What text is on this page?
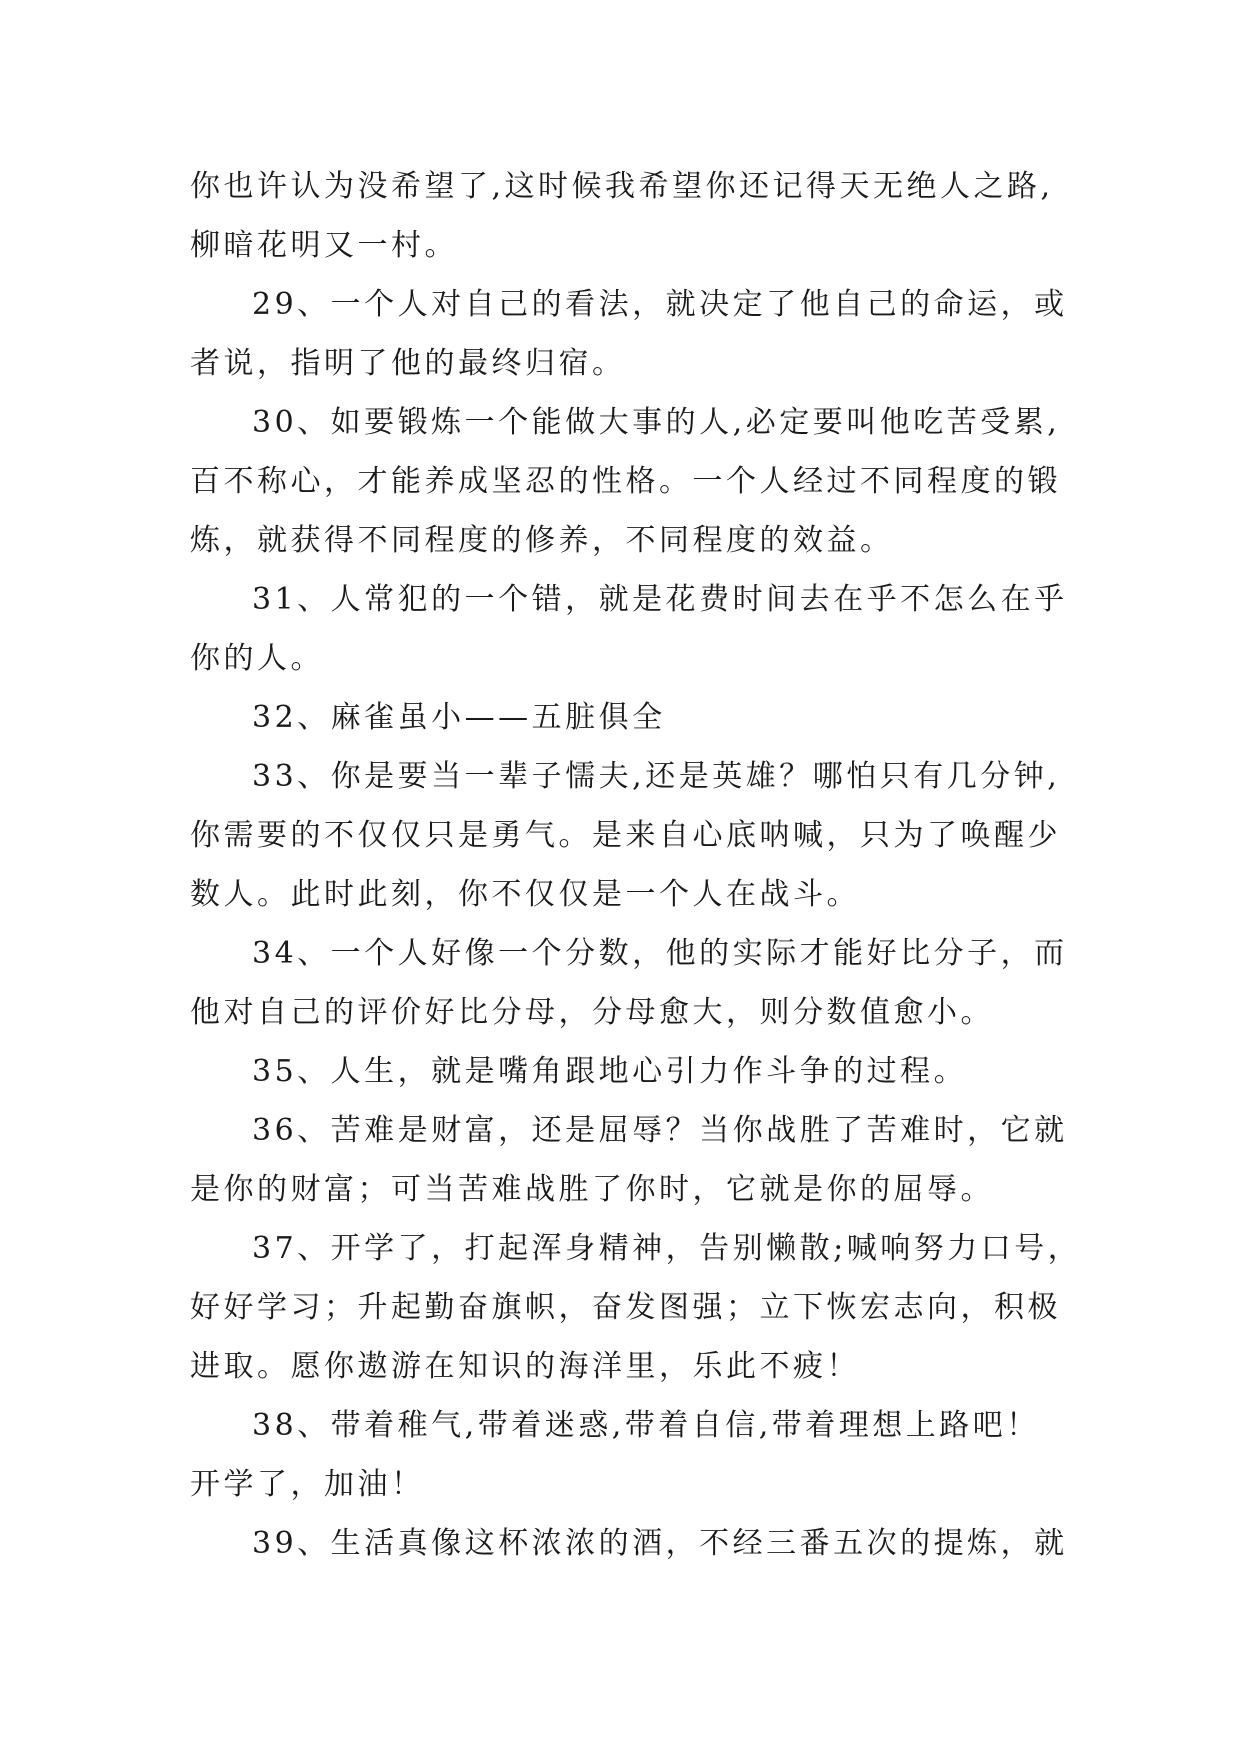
你也许认为没希望了,这时候我希望你还记得天无绝人之路,
柳暗花明又一村。

29、一个人对自己的看法，就决定了他自己的命运，或
者说，指明了他的最终归宿。

30、如要锻炼一个能做大事的人,必定要叫他吃苦受累,
百不称心，才能养成坚忍的性格。一个人经过不同程度的锻
炼，就获得不同程度的修养，不同程度的效益。

31、人常犯的一个错，就是花费时间去在乎不怎么在乎
你的人。

32、麻雀虽小——五脏俱全

33、你是要当一辈子懦夫,还是英雄？哪怕只有几分钟,
你需要的不仅仅只是勇气。是来自心底呐喊，只为了唤醒少
数人。此时此刻，你不仅仅是一个人在战斗。

34、一个人好像一个分数，他的实际才能好比分子，而
他对自己的评价好比分母，分母愈大，则分数值愈小。

35、人生，就是嘴角跟地心引力作斗争的过程。

36、苦难是财富，还是屈辱？当你战胜了苦难时，它就
是你的财富；可当苦难战胜了你时，它就是你的屈辱。

37、开学了，打起浑身精神，告别懒散;喊响努力口号，
好好学习；升起勤奋旗帜，奋发图强；立下恢宏志向，积极
进取。愿你遨游在知识的海洋里，乐此不疲！

38、带着稚气,带着迷惑,带着自信,带着理想上路吧！
开学了，加油！

39、生活真像这杯浓浓的酒，不经三番五次的提炼，就
